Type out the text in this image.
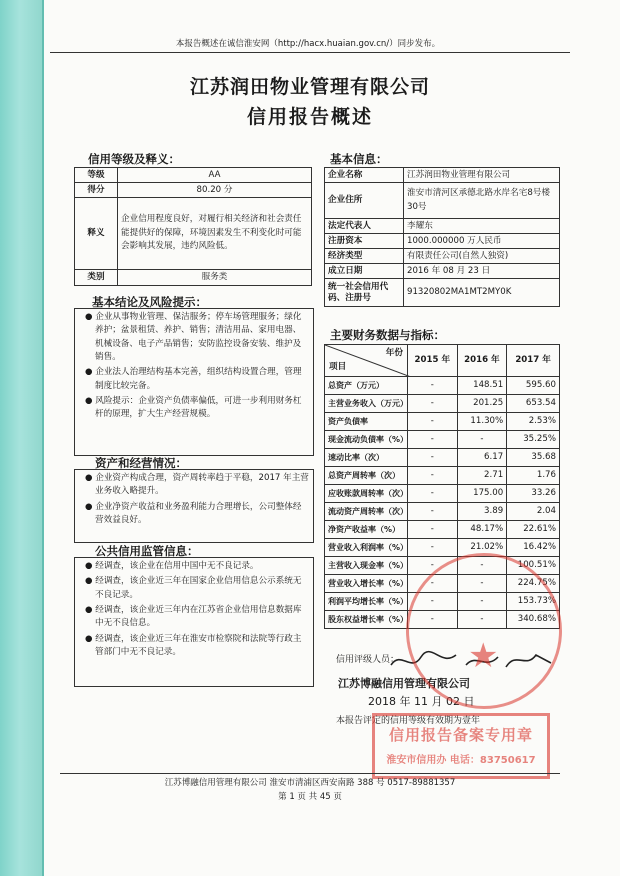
本报告概述在诚信淮安网（http://hacx.huaian.gov.cn/）同步发布。
江苏润田物业管理有限公司
信用报告概述
信用等级及释义：
等级	AA
得分	80.20 分
释义	企业信用程度良好，对履行相关经济和社会责任能提供好的保障，环境因素发生不利变化时可能会影响其发展，违约风险低。
类别	服务类
基本信息：
企业名称	江苏润田物业管理有限公司
企业住所	淮安市清河区承德北路水岸名宅8号楼30号
法定代表人	李耀东
注册资本	1000.000000 万人民币
经济类型	有限责任公司(自然人独资)
成立日期	2016 年 08 月 23 日
统一社会信用代码、注册号	91320802MA1MT2MY0K
基本结论及风险提示：
● 企业从事物业管理、保洁服务；停车场管理服务；绿化养护；盆景租赁、养护、销售；清洁用品、家用电器、机械设备、电子产品销售；安防监控设备安装、维护及销售。
● 企业法人治理结构基本完善，组织结构设置合理，管理制度比较完备。
● 风险提示：企业资产负债率偏低，可进一步利用财务杠杆的原理，扩大生产经营规模。
资产和经营情况：
● 企业资产构成合理，资产周转率趋于平稳，2017 年主营业务收入略提升。
● 企业净资产收益和业务盈利能力合理增长，公司整体经营效益良好。
公共信用监管信息：
● 经调查，该企业在信用中国中无不良记录。
● 经调查，该企业近三年在国家企业信用信息公示系统无不良记录。
● 经调查，该企业近三年内在江苏省企业信用信息数据库中无不良信息。
● 经调查，该企业近三年在淮安市检察院和法院等行政主管部门中无不良记录。
主要财务数据与指标：
年份
项目	2015 年	2016 年	2017 年
总资产（万元）	-	148.51	595.60
主营业务收入（万元）	-	201.25	653.54
资产负债率	-	11.30%	2.53%
现金流动负债率（%）	-	-	35.25%
速动比率（次）	-	6.17	35.68
总资产周转率（次）	-	2.71	1.76
应收账款周转率（次）	-	175.00	33.26
流动资产周转率（次）	-	3.89	2.04
净资产收益率（%）	-	48.17%	22.61%
营业收入利润率（%）	-	21.02%	16.42%
主营收入现金率（%）	-	-	100.51%
营业收入增长率（%）	-	-	224.75%
利润平均增长率（%）	-	-	153.73%
股东权益增长率（%）	-	-	340.68%
信用评级人员：
江苏博融信用管理有限公司
2018 年 11 月 02 日
本报告评定的信用等级有效期为壹年
★
信用报告备案专用章
淮安市信用办 电话：83750617
江苏博融信用管理有限公司 淮安市清浦区西安南路 388 号 0517-89881357
第 1 页 共 45 页
